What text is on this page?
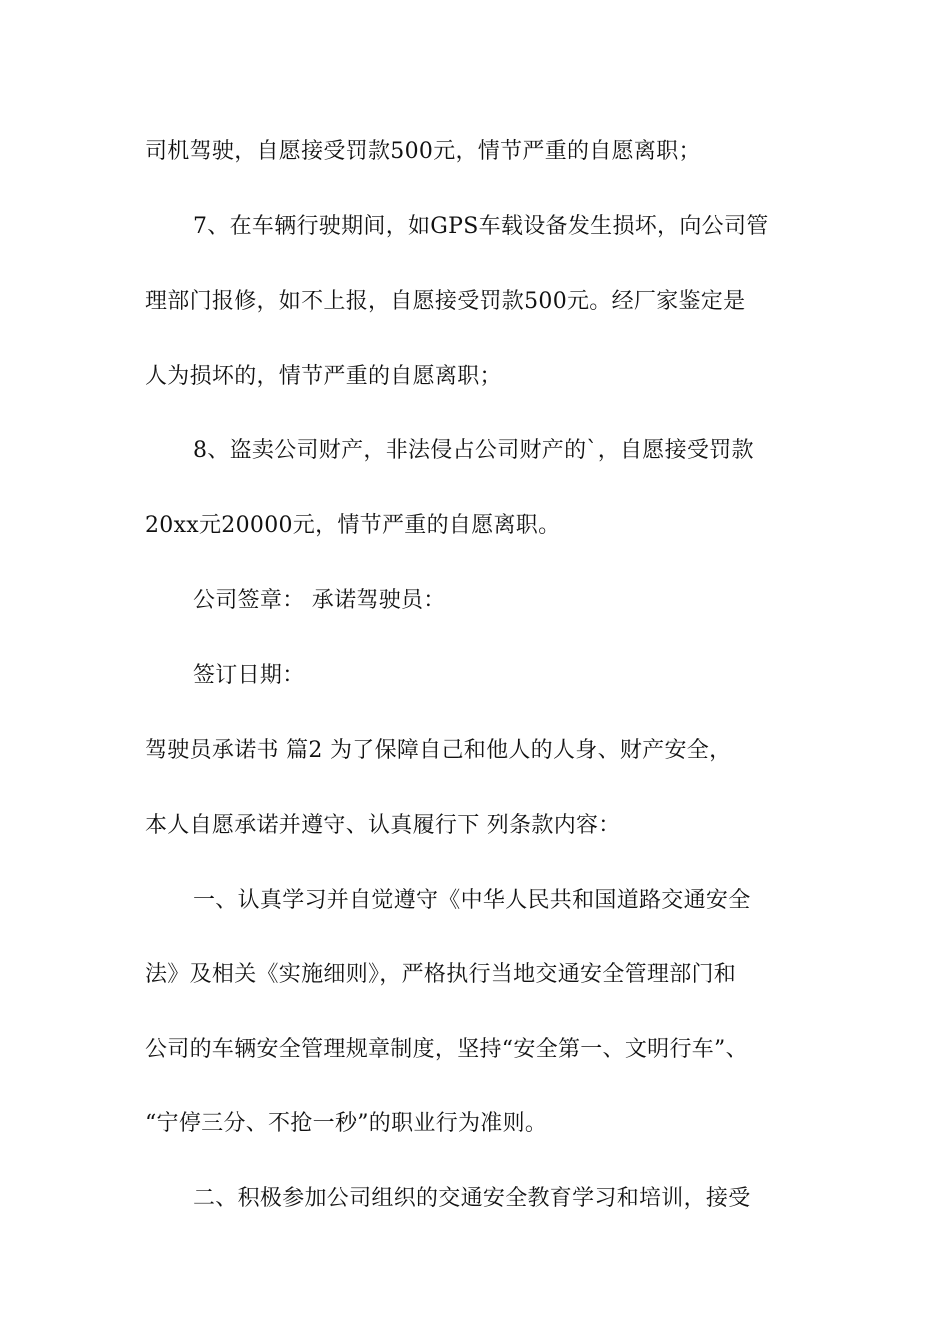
司机驾驶，自愿接受罚款500元，情节严重的自愿离职；
7、在车辆行驶期间，如GPS车载设备发生损坏，向公司管
理部门报修，如不上报，自愿接受罚款500元。经厂家鉴定是
人为损坏的，情节严重的自愿离职；
8、盗卖公司财产，非法侵占公司财产的`，自愿接受罚款
20xx元20000元，情节严重的自愿离职。
公司签章： 承诺驾驶员：
签订日期：
驾驶员承诺书 篇2 为了保障自己和他人的人身、财产安全，
本人自愿承诺并遵守、认真履行下 列条款内容：
一、认真学习并自觉遵守《中华人民共和国道路交通安全
法》及相关《实施细则》，严格执行当地交通安全管理部门和
公司的车辆安全管理规章制度，坚持“安全第一、文明行车”、
“宁停三分、不抢一秒”的职业行为准则。
二、积极参加公司组织的交通安全教育学习和培训，接受
